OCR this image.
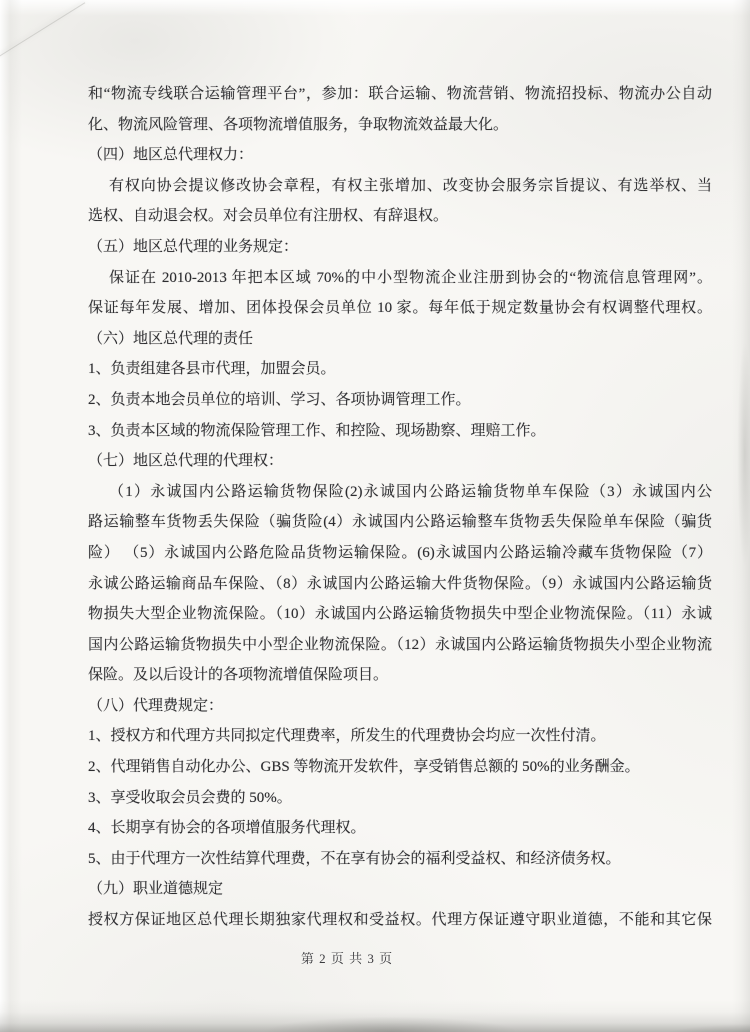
和“物流专线联合运输管理平台”，参加：联合运输、物流营销、物流招投标、物流办公自动
化、物流风险管理、各项物流增值服务，争取物流效益最大化。
（四）地区总代理权力：
有权向协会提议修改协会章程，有权主张增加、改变协会服务宗旨提议、有选举权、当
选权、自动退会权。对会员单位有注册权、有辞退权。
（五）地区总代理的业务规定：
保证在 2010-2013 年把本区域 70%的中小型物流企业注册到协会的“物流信息管理网”。
保证每年发展、增加、团体投保会员单位 10 家。每年低于规定数量协会有权调整代理权。
（六）地区总代理的责任
1、负责组建各县市代理，加盟会员。
2、负责本地会员单位的培训、学习、各项协调管理工作。
3、负责本区域的物流保险管理工作、和控险、现场勘察、理赔工作。
（七）地区总代理的代理权：
（1）永诚国内公路运输货物保险(2)永诚国内公路运输货物单车保险（3）永诚国内公
路运输整车货物丢失保险（骗货险(4）永诚国内公路运输整车货物丢失保险单车保险（骗货
险） （5）永诚国内公路危险品货物运输保险。(6)永诚国内公路运输冷藏车货物保险（7）
永诚公路运输商品车保险、（8）永诚国内公路运输大件货物保险。（9）永诚国内公路运输货
物损失大型企业物流保险。（10）永诚国内公路运输货物损失中型企业物流保险。（11）永诚
国内公路运输货物损失中小型企业物流保险。（12）永诚国内公路运输货物损失小型企业物流
保险。及以后设计的各项物流增值保险项目。
（八）代理费规定：
1、授权方和代理方共同拟定代理费率，所发生的代理费协会均应一次性付清。
2、代理销售自动化办公、GBS 等物流开发软件，享受销售总额的 50%的业务酬金。
3、享受收取会员会费的 50%。
4、长期享有协会的各项增值服务代理权。
5、由于代理方一次性结算代理费，不在享有协会的福利受益权、和经济债务权。
（九）职业道德规定
授权方保证地区总代理长期独家代理权和受益权。代理方保证遵守职业道德，不能和其它保
第 2 页 共 3 页
